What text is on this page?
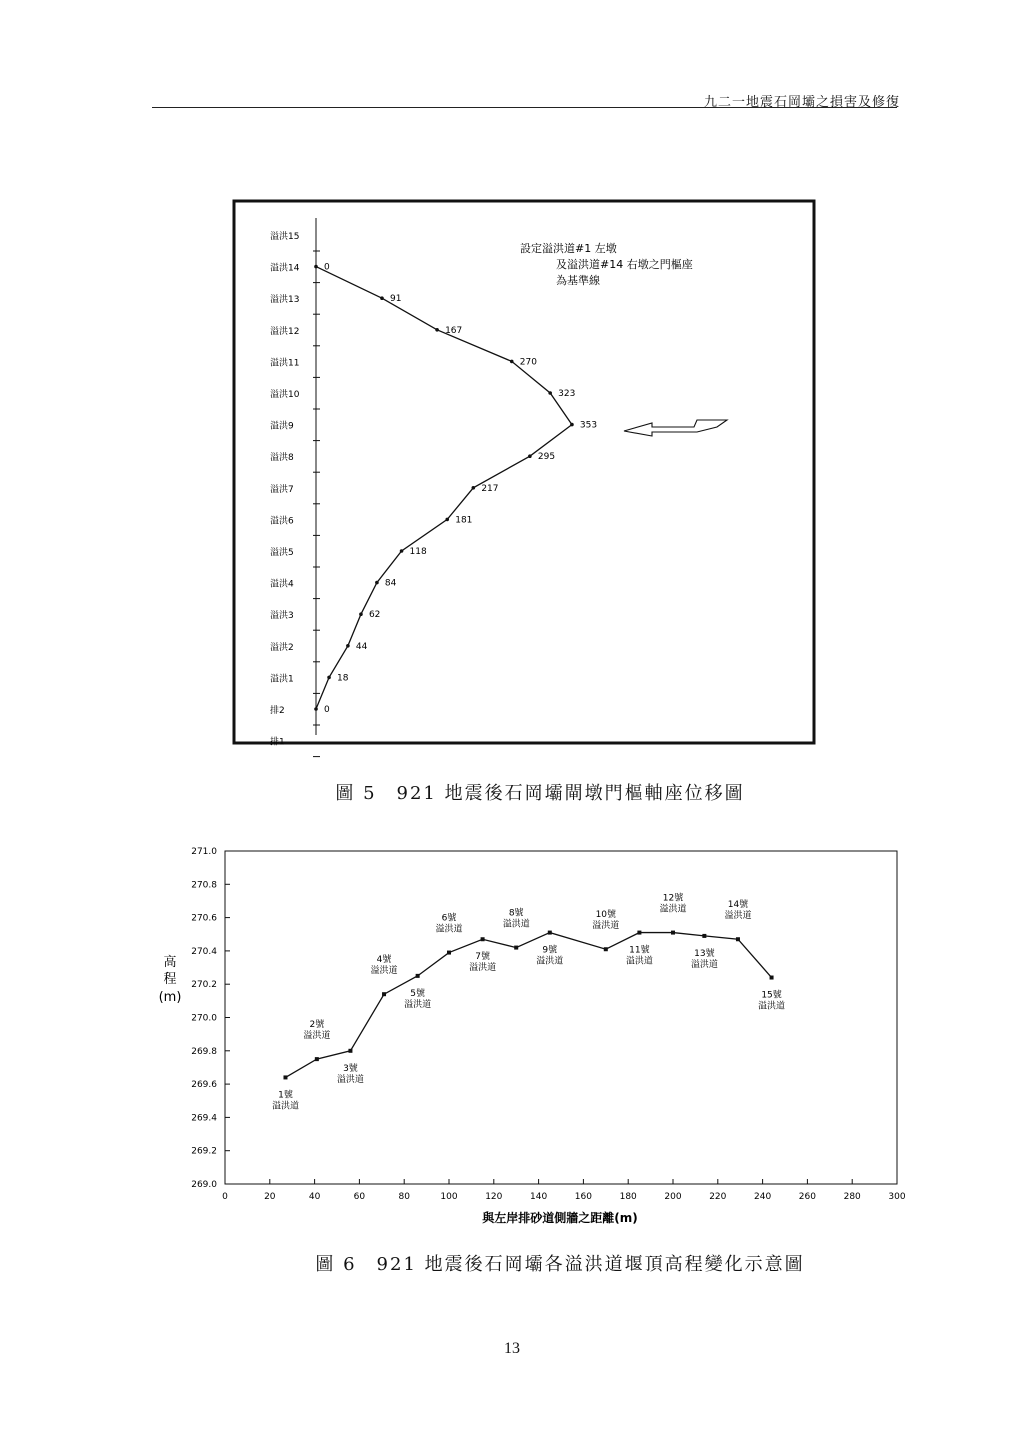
九二一地震石岡壩之損害及修復
溢洪15
溢洪14
溢洪13
溢洪12
溢洪11
溢洪10
溢洪9
溢洪8
溢洪7
溢洪6
溢洪5
溢洪4
溢洪3
溢洪2
溢洪1
排2
排1
0
91
167
270
323
353
295
217
181
118
84
62
44
18
0
設定溢洪道#1 左墩
及溢洪道#14 右墩之門樞座
為基準線
圖 5　921 地震後石岡壩閘墩門樞軸座位移圖
271.0
270.8
270.6
270.4
270.2
270.0
269.8
269.6
269.4
269.2
269.0
0	20	40	60	80	100	120	140	160	180	200	220	240	260	280	300
1號
溢洪道
2號
溢洪道
3號
溢洪道
4號
溢洪道
5號
溢洪道
6號
溢洪道
7號
溢洪道
8號
溢洪道
9號
溢洪道
10號
溢洪道
11號
溢洪道
12號
溢洪道
13號
溢洪道
14號
溢洪道
15號
溢洪道
與左岸排砂道側牆之距離(m)
高
程
(m)
圖 6　921 地震後石岡壩各溢洪道堰頂高程變化示意圖
13
